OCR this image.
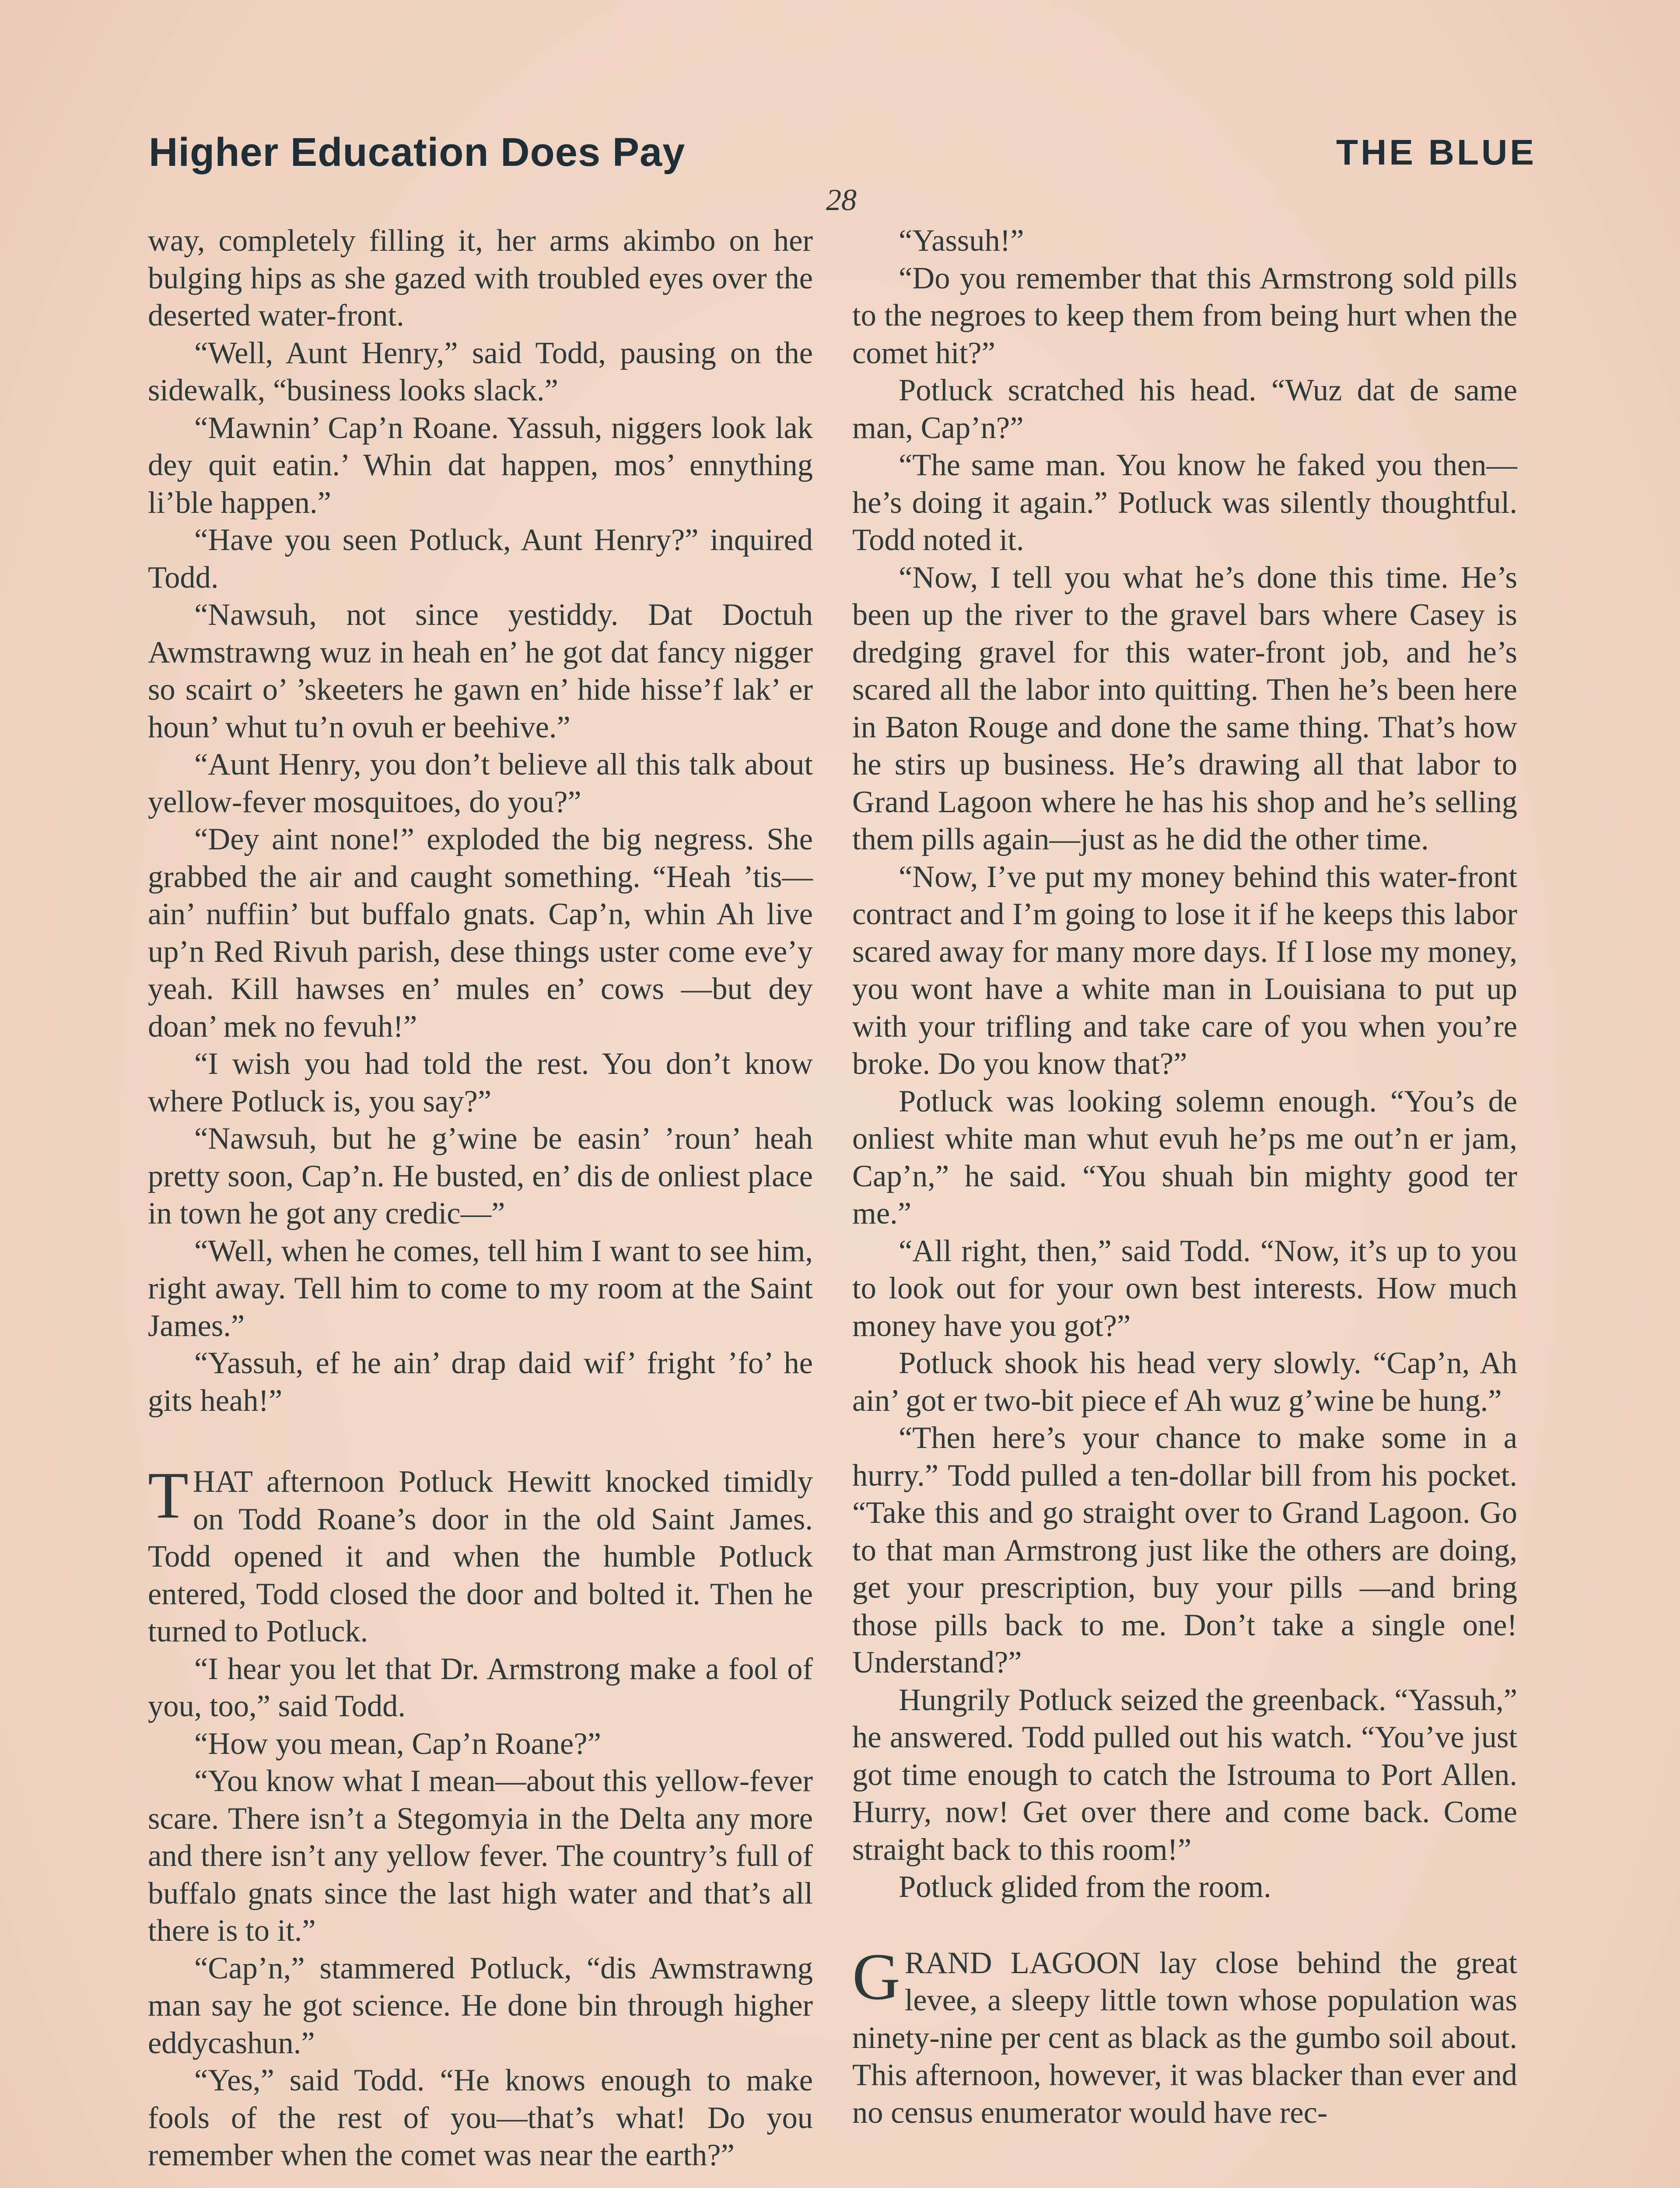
Higher Education Does Pay	THE BLUE
28

way, completely filling it, her arms akimbo on her bulging hips as she gazed with troubled eyes over the deserted water-front.

“Well, Aunt Henry,” said Todd, pausing on the sidewalk, “business looks slack.”

“Mawnin’ Cap’n Roane. Yassuh, niggers look lak dey quit eatin.’ Whin dat happen, mos’ ennything li’ble happen.”

“Have you seen Potluck, Aunt Henry?” inquired Todd.

“Nawsuh, not since yestiddy. Dat Doctuh Awmstrawng wuz in heah en’ he got dat fancy nigger so scairt o’ ’skeeters he gawn en’ hide hisse’f lak’ er houn’ whut tu’n ovuh er beehive.”

“Aunt Henry, you don’t believe all this talk about yellow-fever mosquitoes, do you?”

“Dey aint none!” exploded the big negress. She grabbed the air and caught something. “Heah ’tis—ain’ nuffiin’ but buffalo gnats. Cap’n, whin Ah live up’n Red Rivuh parish, dese things uster come eve’y yeah. Kill hawses en’ mules en’ cows —but dey doan’ mek no fevuh!”

“I wish you had told the rest. You don’t know where Potluck is, you say?”

“Nawsuh, but he g’wine be easin’ ’roun’ heah pretty soon, Cap’n. He busted, en’ dis de onliest place in town he got any credic—”

“Well, when he comes, tell him I want to see him, right away. Tell him to come to my room at the Saint James.”

“Yassuh, ef he ain’ drap daid wif’ fright ’fo’ he gits heah!”

THAT afternoon Potluck Hewitt knocked timidly on Todd Roane’s door in the old Saint James. Todd opened it and when the humble Potluck entered, Todd closed the door and bolted it. Then he turned to Potluck.

“I hear you let that Dr. Armstrong make a fool of you, too,” said Todd.

“How you mean, Cap’n Roane?”

“You know what I mean—about this yellow-fever scare. There isn’t a Stegomyia in the Delta any more and there isn’t any yellow fever. The country’s full of buffalo gnats since the last high water and that’s all there is to it.”

“Cap’n,” stammered Potluck, “dis Awmstrawng man say he got science. He done bin through higher eddycashun.”

“Yes,” said Todd. “He knows enough to make fools of the rest of you—that’s what! Do you remember when the comet was near the earth?”

“Yassuh!”

“Do you remember that this Armstrong sold pills to the negroes to keep them from being hurt when the comet hit?”

Potluck scratched his head. “Wuz dat de same man, Cap’n?”

“The same man. You know he faked you then—he’s doing it again.” Potluck was silently thoughtful. Todd noted it.

“Now, I tell you what he’s done this time. He’s been up the river to the gravel bars where Casey is dredging gravel for this water-front job, and he’s scared all the labor into quitting. Then he’s been here in Baton Rouge and done the same thing. That’s how he stirs up business. He’s drawing all that labor to Grand Lagoon where he has his shop and he’s selling them pills again—just as he did the other time.

“Now, I’ve put my money behind this water-front contract and I’m going to lose it if he keeps this labor scared away for many more days. If I lose my money, you wont have a white man in Louisiana to put up with your trifling and take care of you when you’re broke. Do you know that?”

Potluck was looking solemn enough. “You’s de onliest white man whut evuh he’ps me out’n er jam, Cap’n,” he said. “You shuah bin mighty good ter me.”

“All right, then,” said Todd. “Now, it’s up to you to look out for your own best interests. How much money have you got?”

Potluck shook his head very slowly. “Cap’n, Ah ain’ got er two-bit piece ef Ah wuz g’wine be hung.”

“Then here’s your chance to make some in a hurry.” Todd pulled a ten-dollar bill from his pocket. “Take this and go straight over to Grand Lagoon. Go to that man Armstrong just like the others are doing, get your prescription, buy your pills —and bring those pills back to me. Don’t take a single one! Understand?”

Hungrily Potluck seized the greenback. “Yassuh,” he answered. Todd pulled out his watch. “You’ve just got time enough to catch the Istrouma to Port Allen. Hurry, now! Get over there and come back. Come straight back to this room!”

Potluck glided from the room.

GRAND LAGOON lay close behind the great levee, a sleepy little town whose population was ninety-nine per cent as black as the gumbo soil about. This afternoon, however, it was blacker than ever and no census enumerator would have rec-
